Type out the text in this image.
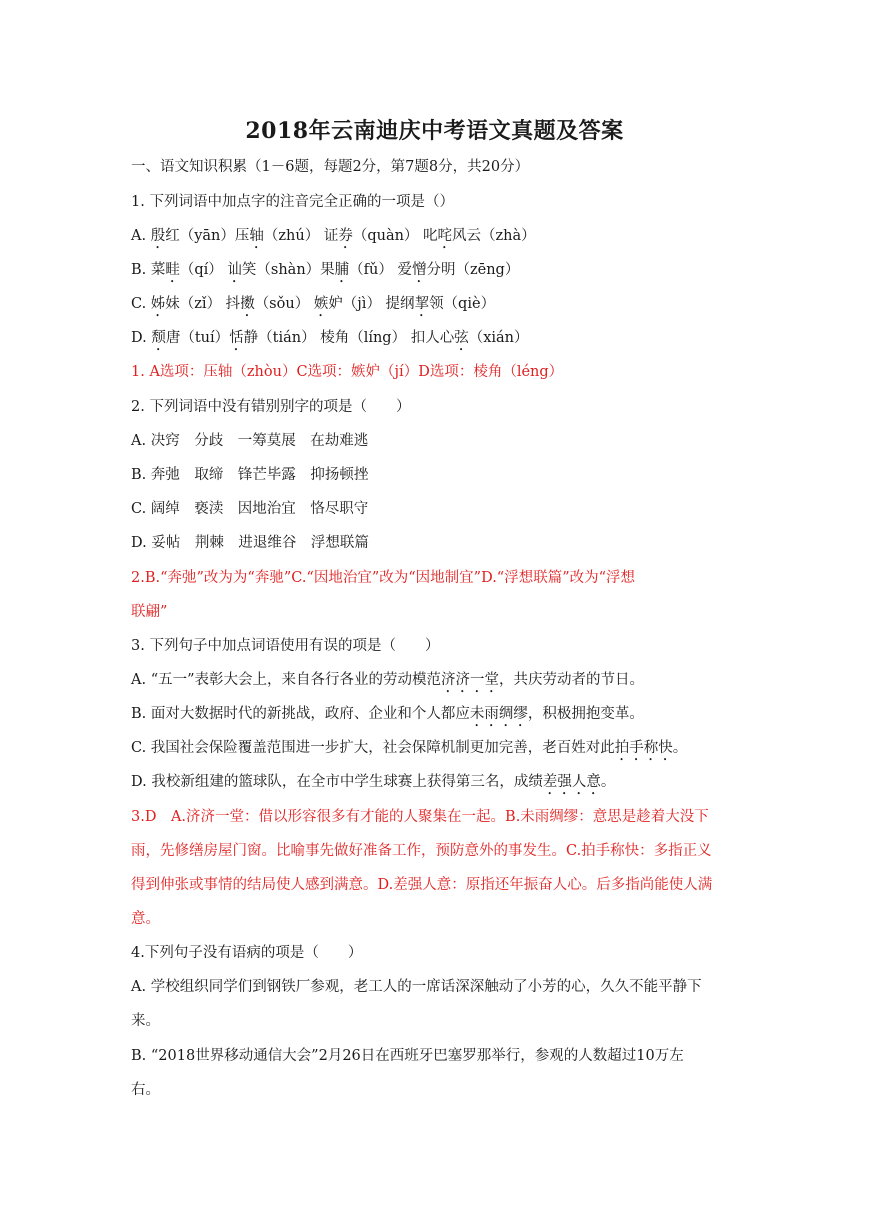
2018年云南迪庆中考语文真题及答案
一、语文知识积累（1－6题，每题2分，第7题8分，共20分）
1. 下列词语中加点字的注音完全正确的一项是（）
A. 殷红（yān）压轴（zhú） 证券（quàn） 叱咤风云（zhà）
B. 菜畦（qí） 讪笑（shàn）果脯（fǔ） 爱憎分明（zēng）
C. 姊妹（zǐ） 抖擞（sǒu） 嫉妒（jì） 提纲挈领（qiè）
D. 颓唐（tuí）恬静（tián） 棱角（líng） 扣人心弦（xián）
1. A选项：压轴（zhòu）C选项：嫉妒（jí）D选项：棱角（léng）
2. 下列词语中没有错别别字的项是（　　）
A. 决窍　分歧　一筹莫展　在劫难逃
B. 奔弛　取缔　锋芒毕露　抑扬顿挫
C. 阔绰　亵渎　因地治宜　恪尽职守
D. 妥帖　荆棘　进退维谷　浮想联篇
2.B.“奔弛”改为为“奔驰”C.“因地治宜”改为“因地制宜”D.“浮想联篇”改为“浮想
联翩”
3. 下列句子中加点词语使用有误的项是（　　）
A. “五一”表彰大会上，来自各行各业的劳动模范济济一堂，共庆劳动者的节日。
B. 面对大数据时代的新挑战，政府、企业和个人都应未雨绸缪，积极拥抱变革。
C. 我国社会保险覆盖范围进一步扩大，社会保障机制更加完善，老百姓对此拍手称快。
D. 我校新组建的篮球队，在全市中学生球赛上获得第三名，成绩差强人意。
3.D　A.济济一堂：借以形容很多有才能的人聚集在一起。B.未雨绸缪：意思是趁着大没下
雨，先修缮房屋门窗。比喻事先做好准备工作，预防意外的事发生。C.拍手称快：多指正义
得到伸张或事情的结局使人感到满意。D.差强人意：原指还年振奋人心。后多指尚能使人满
意。
4.下列句子没有语病的项是（　　）
A. 学校组织同学们到钢铁厂参观，老工人的一席话深深触动了小芳的心，久久不能平静下
来。
B. “2018世界移动通信大会”2月26日在西班牙巴塞罗那举行，参观的人数超过10万左
右。
